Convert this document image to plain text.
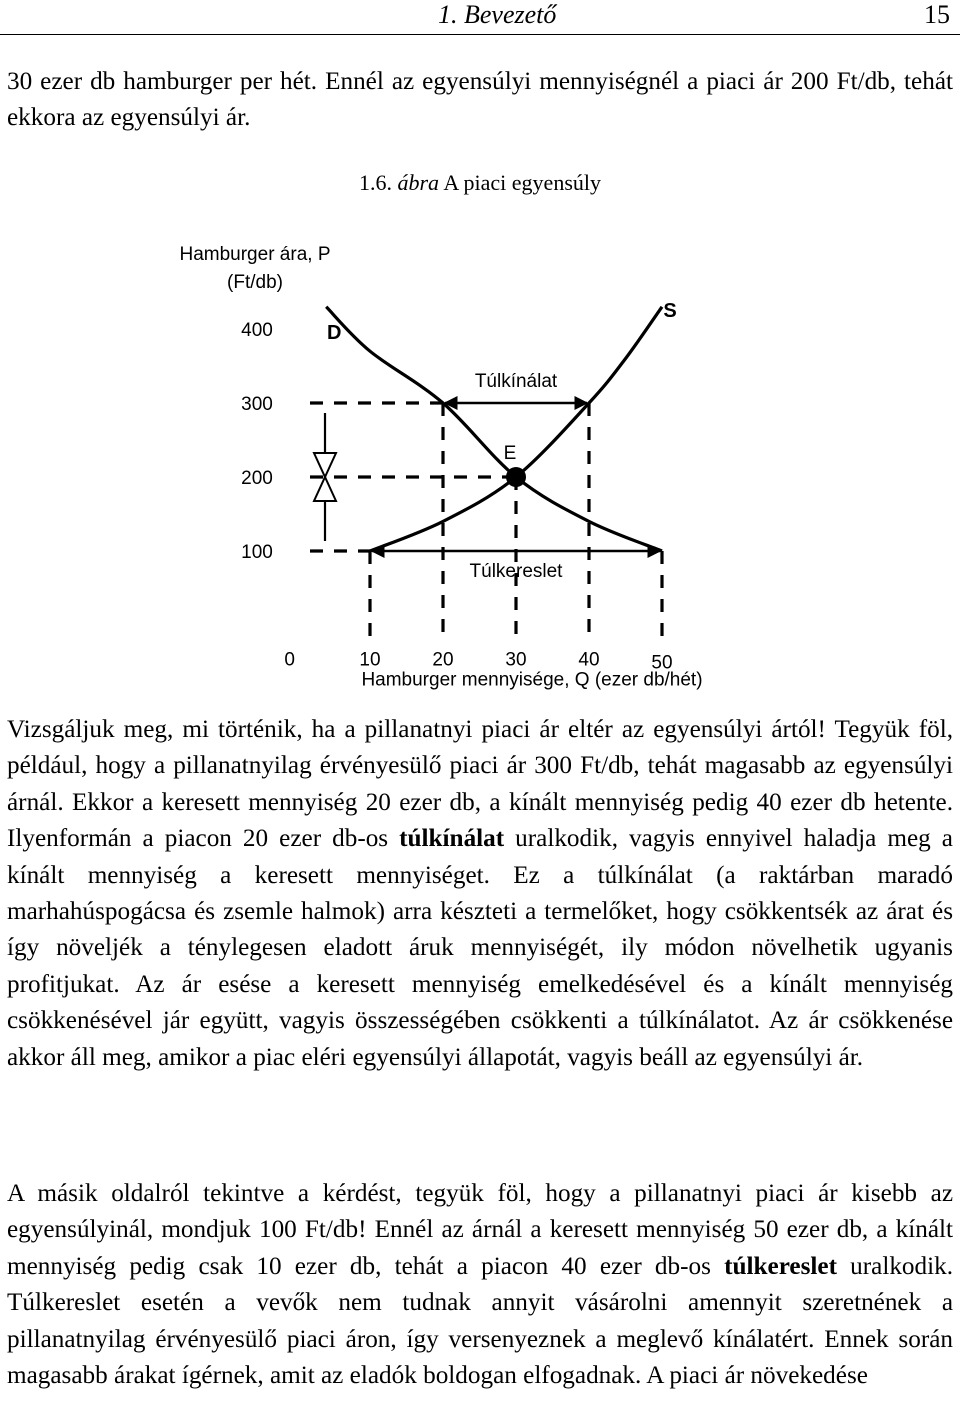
1. Bevezető	15

30 ezer db hamburger per hét. Ennél az egyensúlyi mennyiségnél a piaci ár 200 Ft/db, tehát ekkora az egyensúlyi ár.

1.6. ábra A piaci egyensúly
Hamburger ára, P
(Ft/db)
0
100
200
300
400
10	20	30	40	50
Hamburger mennyisége, Q (ezer db/hét)
D
S
Túlkínálat
Túlkereslet
E

Vizsgáljuk meg, mi történik, ha a pillanatnyi piaci ár eltér az egyensúlyi ártól! Tegyük föl, például, hogy a pillanatnyilag érvényesülő piaci ár 300 Ft/db, tehát magasabb az egyensúlyi árnál. Ekkor a keresett mennyiség 20 ezer db, a kínált mennyiség pedig 40 ezer db hetente. Ilyenformán a piacon 20 ezer db-os túlkínálat uralkodik, vagyis ennyivel haladja meg a kínált mennyiség a keresett mennyiséget. Ez a túlkínálat (a raktárban maradó marhahúspogácsa és zsemle halmok) arra készteti a termelőket, hogy csökkentsék az árat és így növeljék a ténylegesen eladott áruk mennyiségét, ily módon növelhetik ugyanis profitjukat. Az ár esése a keresett mennyiség emelkedésével és a kínált mennyiség csökkenésével jár együtt, vagyis összességében csökkenti a túlkínálatot. Az ár csökkenése akkor áll meg, amikor a piac eléri egyensúlyi állapotát, vagyis beáll az egyensúlyi ár.

A másik oldalról tekintve a kérdést, tegyük föl, hogy a pillanatnyi piaci ár kisebb az egyensúlyinál, mondjuk 100 Ft/db! Ennél az árnál a keresett mennyiség 50 ezer db, a kínált mennyiség pedig csak 10 ezer db, tehát a piacon 40 ezer db-os túlkereslet uralkodik. Túlkereslet esetén a vevők nem tudnak annyit vásárolni amennyit szeretnének a pillanatnyilag érvényesülő piaci áron, így versenyeznek a meglevő kínálatért. Ennek során magasabb árakat ígérnek, amit az eladók boldogan elfogadnak. A piaci ár növekedése
